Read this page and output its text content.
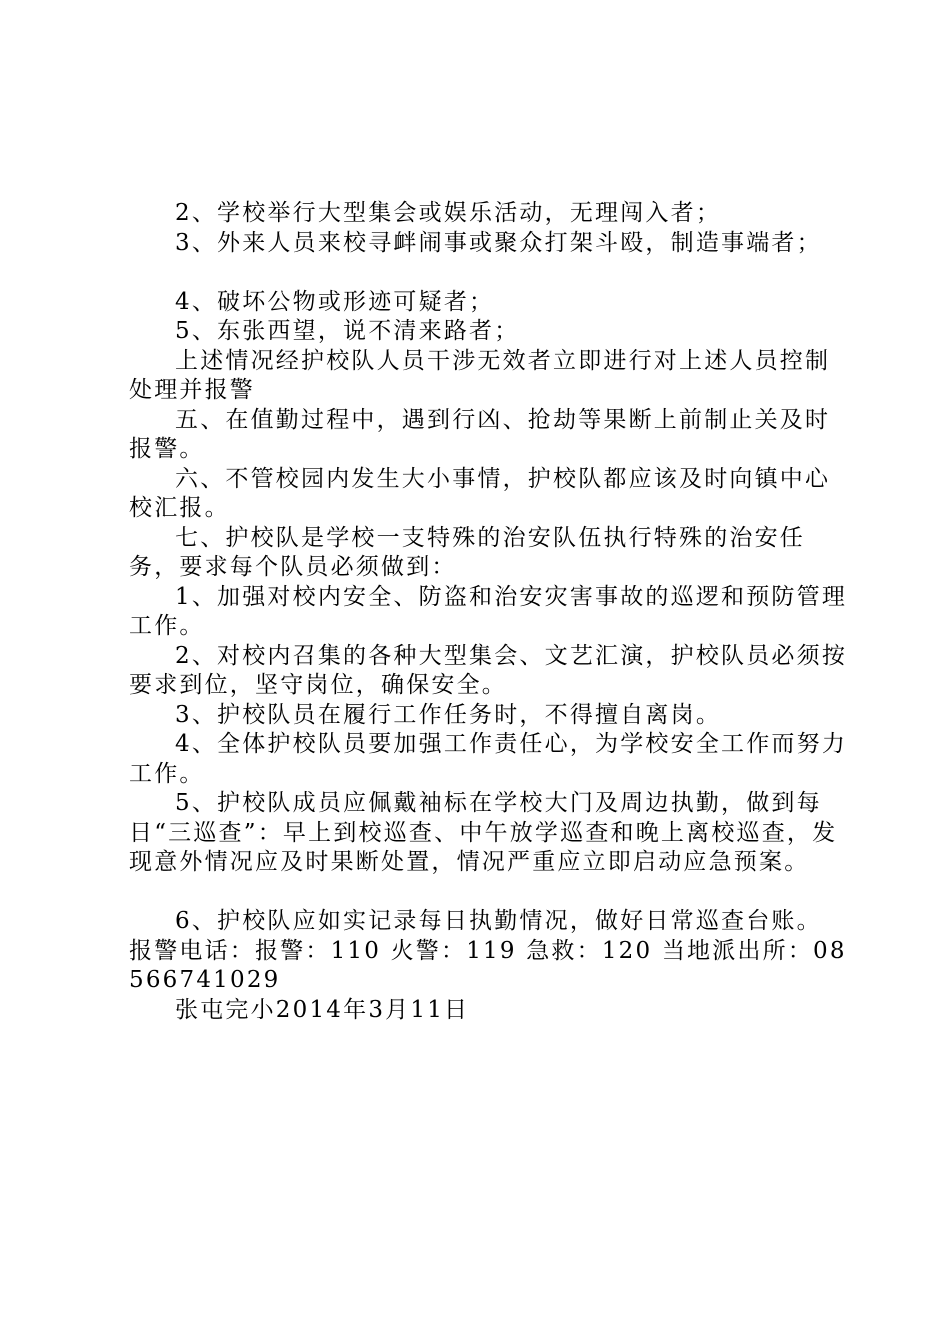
2、学校举行大型集会或娱乐活动，无理闯入者；

3、外来人员来校寻衅闹事或聚众打架斗殴，制造事端者；

4、破坏公物或形迹可疑者；

5、东张西望，说不清来路者；

上述情况经护校队人员干涉无效者立即进行对上述人员控制处理并报警

五、在值勤过程中，遇到行凶、抢劫等果断上前制止关及时报警。

六、不管校园内发生大小事情，护校队都应该及时向镇中心校汇报。

七、护校队是学校一支特殊的治安队伍执行特殊的治安任务，要求每个队员必须做到：

1、加强对校内安全、防盗和治安灾害事故的巡逻和预防管理工作。

2、对校内召集的各种大型集会、文艺汇演，护校队员必须按要求到位，坚守岗位，确保安全。

3、护校队员在履行工作任务时，不得擅自离岗。

4、全体护校队员要加强工作责任心，为学校安全工作而努力工作。

5、护校队成员应佩戴袖标在学校大门及周边执勤，做到每日“三巡查”：早上到校巡查、中午放学巡查和晚上离校巡查，发现意外情况应及时果断处置，情况严重应立即启动应急预案。

6、护校队应如实记录每日执勤情况，做好日常巡查台账。

报警电话：报警：110 火警：119 急救：120 当地派出所：08566741029

张屯完小2014年3月11日
